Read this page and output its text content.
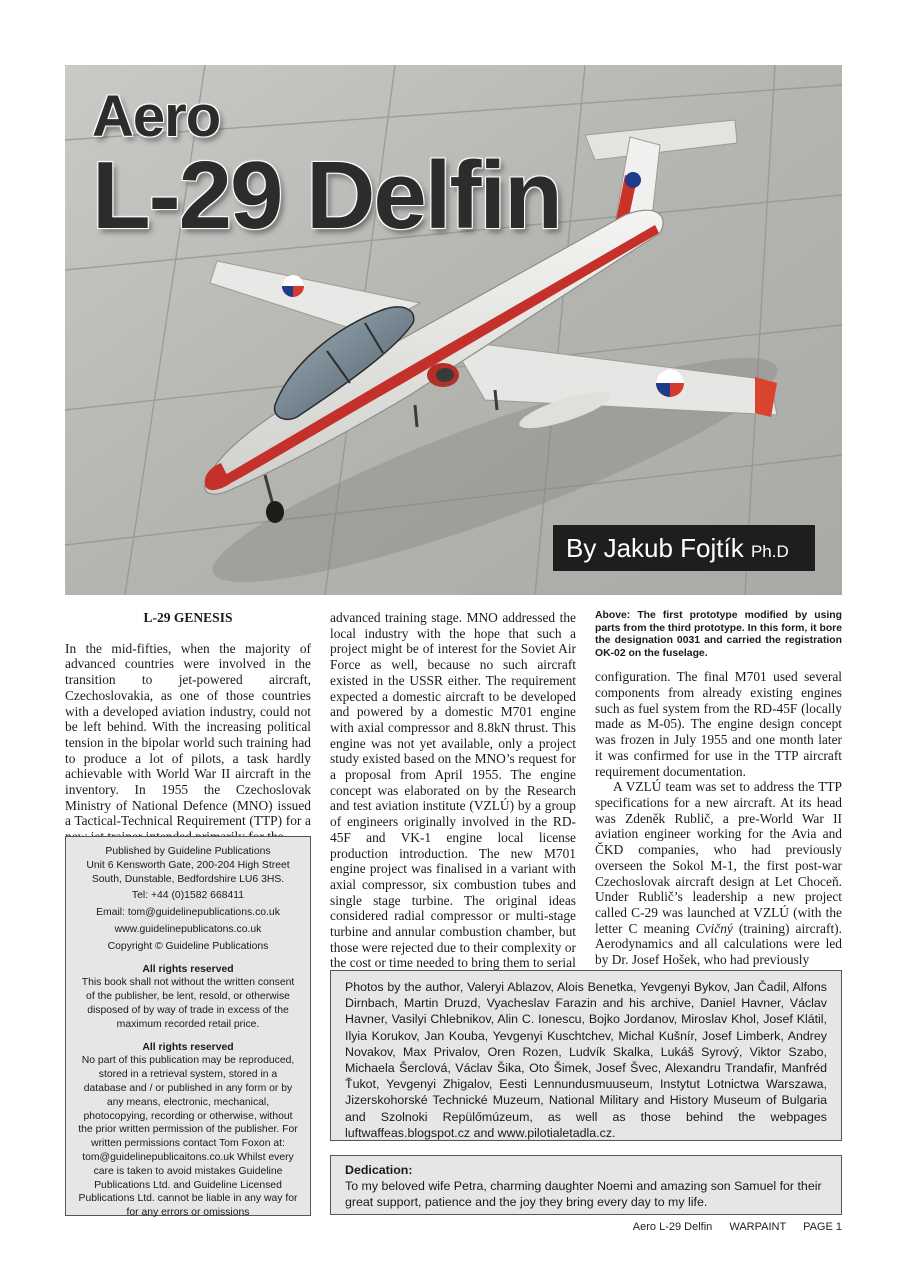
Aero
L-29 Delfin
By Jakub Fojtík Ph.D

L-29 GENESIS

In the mid-fifties, when the majority of advanced countries were involved in the transition to jet-powered aircraft, Czechoslovakia, as one of those countries with a developed aviation industry, could not be left behind. With the increasing political tension in the bipolar world such training had to produce a lot of pilots, a task hardly achievable with World War II aircraft in the inventory. In 1955 the Czechoslovak Ministry of National Defence (MNO) issued a Tactical-Technical Requirement (TTP) for a

advanced training stage. MNO addressed the local industry with the hope that such a project might be of interest for the Soviet Air Force as well, because no such aircraft existed in the USSR either. The requirement expected a domestic aircraft to be developed and powered by a domestic M701 engine with axial compressor and 8.8kN thrust. This engine was not yet available, only a project study existed based on the MNO’s request for a proposal from April 1955. The engine concept was elaborated on by the Research and test aviation institute (VZLÚ) by a group of engineers originally involved in the RD-45F and VK-1 engine local license production introduction. The new M701 engine project was finalised in a variant with axial compressor, six combustion tubes and single stage turbine. The original ideas considered radial compressor or multi-stage turbine and annular combustion chamber, but those were rejected due to their complexity or the cost or time needed to bring them to serial

Above: The first prototype modified by using parts from the third prototype. In this form, it bore the designation 0031 and carried the registration OK-02 on the fuselage.

configuration. The final M701 used several components from already existing engines such as fuel system from the RD-45F (locally made as M-05). The engine design concept was frozen in July 1955 and one month later it was confirmed for use in the TTP aircraft requirement documentation.

A VZLÚ team was set to address the TTP specifications for a new aircraft. At its head was Zdeněk Rublič, a pre-World War II aviation engineer working for the Avia and ČKD companies, who had previously overseen the Sokol M-1, the first post-war Czechoslovak aircraft design at Let Choceň. Under Rublič’s leadership a new project called C-29 was launched at VZLÚ (with the letter C meaning Cvičný (training) aircraft). Aerodynamics and all calculations were led by Dr. Josef Hošek, who had previously

Published by Guideline Publications
Unit 6 Kensworth Gate, 200-204 High Street
South, Dunstable, Bedfordshire LU6 3HS.
Tel: +44 (0)1582 668411
Email: tom@guidelinepublications.co.uk
www.guidelinepublicatons.co.uk
Copyright © Guideline Publications
All rights reserved
This book shall not without the written consent of the publisher, be lent, resold, or otherwise disposed of by way of trade in excess of the maximum recorded retail price.
All rights reserved
No part of this publication may be reproduced, stored in a retrieval system, stored in a database and / or published in any form or by any means, electronic, mechanical, photocopying, recording or otherwise, without the prior written permission of the publisher. For written permissions contact Tom Foxon at: tom@guidelinepublicaitons.co.uk Whilst every care is taken to avoid mistakes Guideline Publications Ltd. and Guideline Licensed Publications Ltd. cannot be liable in any way for for any errors or omissions
Photos by the author, Valeryi Ablazov, Alois Benetka, Yevgenyi Bykov, Jan Čadil, Alfons Dirnbach, Martin Druzd, Vyacheslav Farazin and his archive, Daniel Havner, Václav Havner, Vasilyi Chlebnikov, Alin C. Ionescu, Bojko Jordanov, Miroslav Khol, Josef Klátil, Ilyia Korukov, Jan Kouba, Yevgenyi Kuschtchev, Michal Kušnír, Josef Limberk, Andrey Novakov, Max Privalov, Oren Rozen, Ludvík Skalka, Lukáš Syrový, Viktor Szabo, Michaela Šerclová, Václav Šika, Oto Šimek, Josef Švec, Alexandru Trandafir, Manfréd Ťukot, Yevgenyi Zhigalov, Eesti Lennundusmuuseum, Instytut Lotnictwa Warszawa, Jizerskohorské Technické Muzeum, National Military and History Museum of Bulgaria and Szolnoki Repülőmúzeum, as well as those behind the webpages luftwaffeas.blogspot.cz and www.pilotialetadla.cz.
Dedication:
To my beloved wife Petra, charming daughter Noemi and amazing son Samuel for their great support, patience and the joy they bring every day to my life.
Aero L-29 Delfin WARPAINT PAGE 1
